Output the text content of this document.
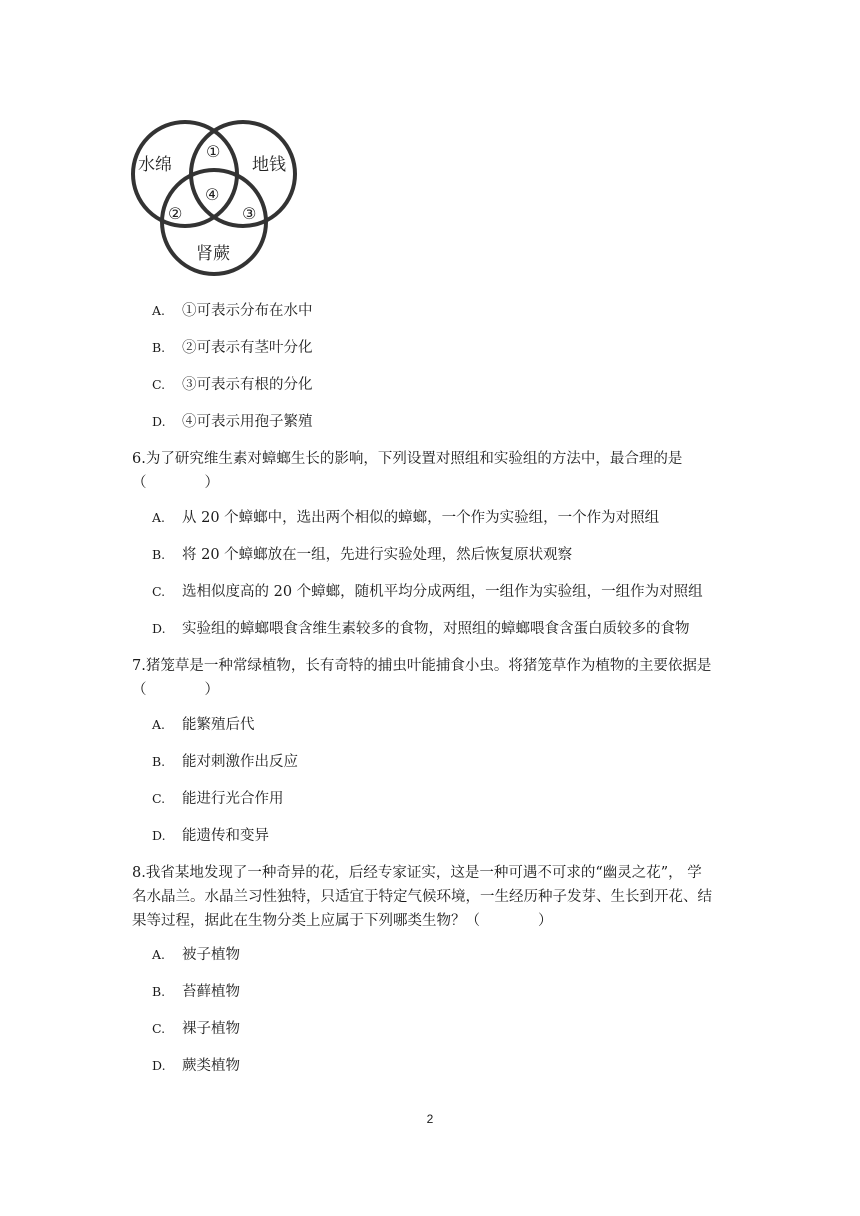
水绵	地钱
肾蕨
①
②	③
④
A. ①可表示分布在水中
B. ②可表示有茎叶分化
C. ③可表示有根的分化
D. ④可表示用孢子繁殖
6.为了研究维生素对蟑螂生长的影响，下列设置对照组和实验组的方法中，最合理的是
（　　　　）
A. 从 20 个蟑螂中，选出两个相似的蟑螂，一个作为实验组，一个作为对照组
B. 将 20 个蟑螂放在一组，先进行实验处理，然后恢复原状观察
C. 选相似度高的 20 个蟑螂，随机平均分成两组，一组作为实验组，一组作为对照组
D. 实验组的蟑螂喂食含维生素较多的食物，对照组的蟑螂喂食含蛋白质较多的食物
7.猪笼草是一种常绿植物，长有奇特的捕虫叶能捕食小虫。将猪笼草作为植物的主要依据是
（　　　　）
A. 能繁殖后代
B. 能对刺激作出反应
C. 能进行光合作用
D. 能遗传和变异
8.我省某地发现了一种奇异的花，后经专家证实，这是一种可遇不可求的“幽灵之花”， 学
名水晶兰。水晶兰习性独特，只适宜于特定气候环境，一生经历种子发芽、生长到开花、结
果等过程，据此在生物分类上应属于下列哪类生物？（　　　　）
A. 被子植物
B. 苔藓植物
C. 裸子植物
D. 蕨类植物
2
